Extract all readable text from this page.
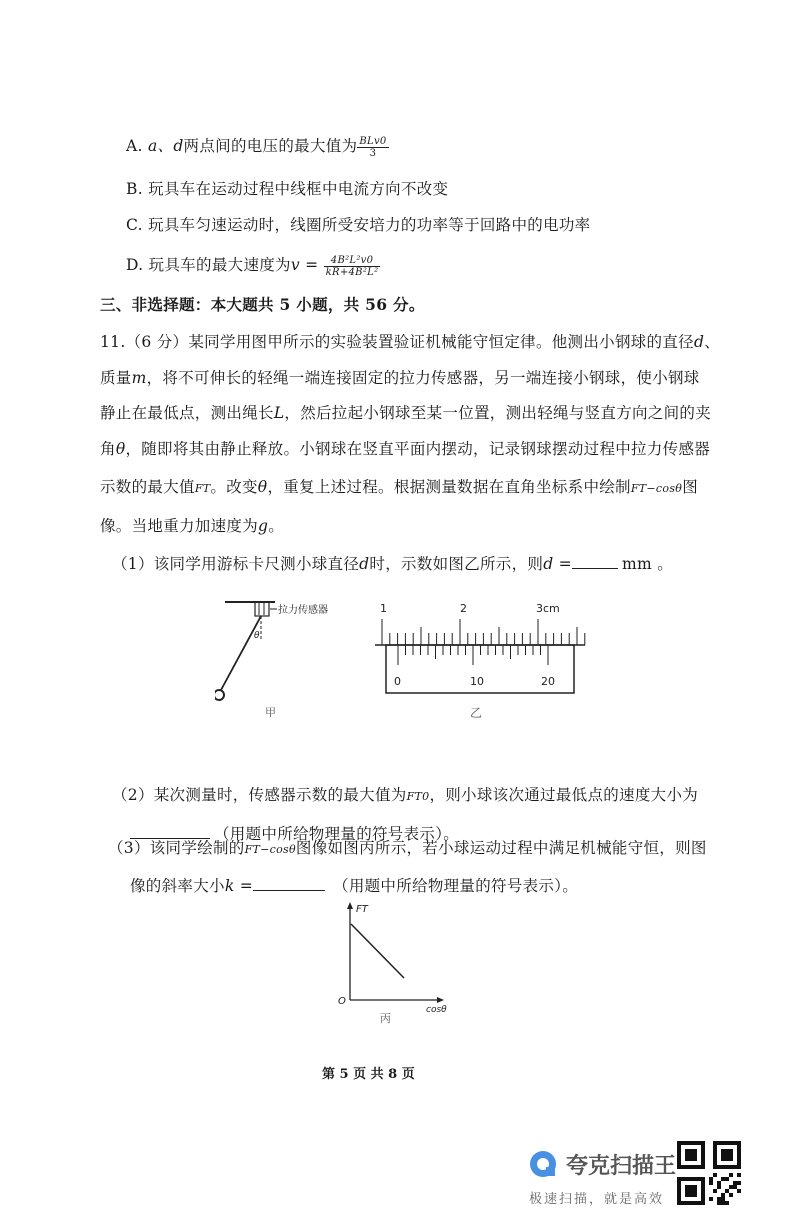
A. a、d两点间的电压的最大值为 $\frac{\text{BLv0}}{3}$
B. 玩具车在运动过程中线框中电流方向不改变
C. 玩具车匀速运动时，线圈所受安培力的功率等于回路中的电功率
D. 玩具车的最大速度为$v = \frac{\text{4B²L²v0}}{\text{kR+4B²L²}}$
三、非选择题：本大题共 5 小题，共 56 分。
11.（6 分）某同学用图甲所示的实验装置验证机械能守恒定律。他测出小钢球的直径d、
质量m，将不可伸长的轻绳一端连接固定的拉力传感器，另一端连接小钢球，使小钢球
静止在最低点，测出绳长L，然后拉起小钢球至某一位置，测出轻绳与竖直方向之间的夹
角θ，随即将其由静止释放。小钢球在竖直平面内摆动，记录钢球摆动过程中拉力传感器
示数的最大值FT。改变θ，重复上述过程。根据测量数据在直角坐标系中绘制FT−cosθ图
像。当地重力加速度为g。
（1）该同学用游标卡尺测小球直径d时，示数如图乙所示，则d =	mm 。
拉力传感器
θ
甲
1	2	3cm
0	10	20
乙
（2）某次测量时，传感器示数的最大值为FT0，则小球该次通过最低点的速度大小为
（用题中所给物理量的符号表示）。
（3）该同学绘制的FT−cosθ图像如图丙所示，若小球运动过程中满足机械能守恒，则图
像的斜率大小k =	（用题中所给物理量的符号表示）。
FT
cosθ
O
丙
第 5 页 共 8 页
夸克扫描王
极速扫描，就是高效
